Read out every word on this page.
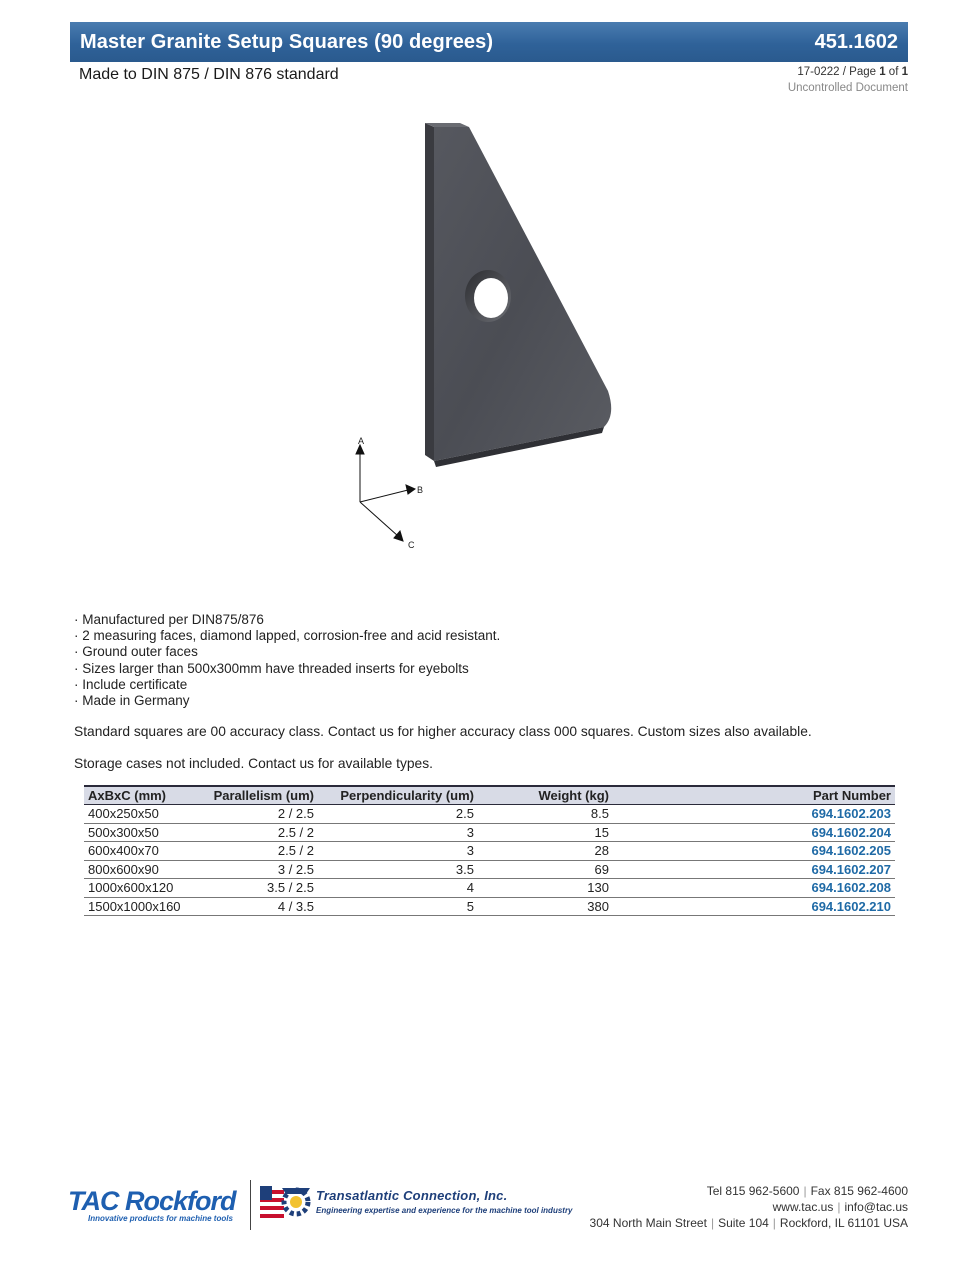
Master Granite Setup Squares (90 degrees)	451.1602
Made to DIN 875 / DIN 876 standard	17-0222 / Page 1 of 1
Uncontrolled Document
A
B
C
· Manufactured per DIN875/876
· 2 measuring faces, diamond lapped, corrosion-free and acid resistant.
· Ground outer faces
· Sizes larger than 500x300mm have threaded inserts for eyebolts
· Include certificate
· Made in Germany

Standard squares are 00 accuracy class. Contact us for higher accuracy class 000 squares. Custom sizes also available.

Storage cases not included. Contact us for available types.

AxBxC (mm)	Parallelism (um)	Perpendicularity (um)	Weight (kg)	Part Number
400x250x50	2 / 2.5	2.5	8.5	694.1602.203
500x300x50	2.5 / 2	3	15	694.1602.204
600x400x70	2.5 / 2	3	28	694.1602.205
800x600x90	3 / 2.5	3.5	69	694.1602.207
1000x600x120	3.5 / 2.5	4	130	694.1602.208
1500x1000x160	4 / 3.5	5	380	694.1602.210
TAC Rockford
Innovative products for machine tools
Transatlantic Connection, Inc.
Engineering expertise and experience for the machine tool industry
Tel 815 962-5600 | Fax 815 962-4600
www.tac.us | info@tac.us
304 North Main Street | Suite 104 | Rockford, IL 61101 USA
